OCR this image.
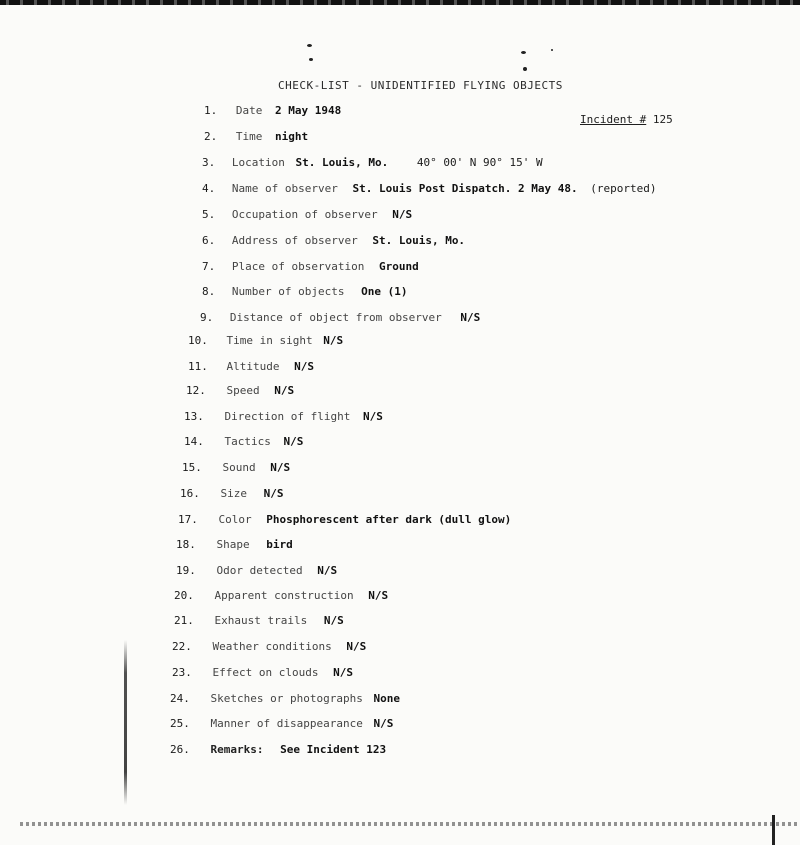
CHECK-LIST - UNIDENTIFIED FLYING OBJECTS
Incident # 125
1. Date 2 May 1948
2. Time night
3. Location St. Louis, Mo.	40° 00' N 90° 15' W
4. Name of observer St. Louis Post Dispatch. 2 May 48. (reported)
5. Occupation of observer N/S
6. Address of observer St. Louis, Mo.
7. Place of observation Ground
8. Number of objects One (1)
9. Distance of object from observer N/S
10. Time in sight N/S
11. Altitude N/S
12. Speed N/S
13. Direction of flight N/S
14. Tactics N/S
15. Sound N/S
16. Size N/S
17. Color Phosphorescent after dark (dull glow)
18. Shape bird
19. Odor detected N/S
20. Apparent construction N/S
21. Exhaust trails N/S
22. Weather conditions N/S
23. Effect on clouds N/S
24. Sketches or photographs None
25. Manner of disappearance N/S
26. Remarks: See Incident 123
